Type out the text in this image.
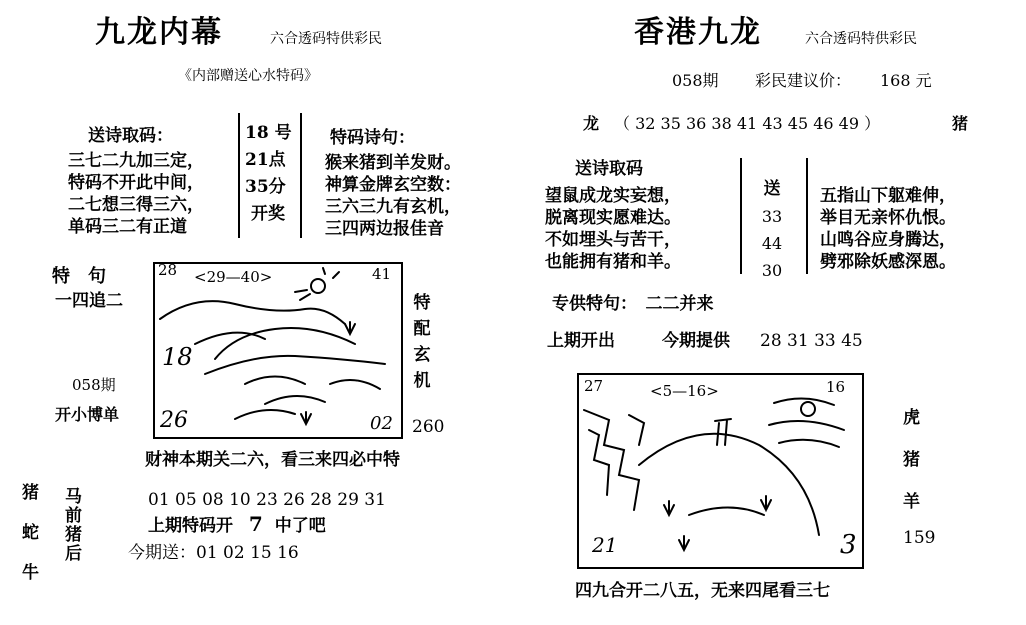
九龙内幕	六合透码特供彩民
《内部赠送心水特码》
送诗取码：
三七二九加三定，
特码不开此中间，
二七想三得三六，
单码三二有正道
18 号
21点
35分
开奖
特码诗句：
猴来猪到羊发财。
神算金牌玄空数：
三六三九有玄机，
三四两边报佳音
特　句
一四追二
058期
开小博单
28 <29—40>	41
18
26	02
特配玄机
260
财神本期关二六，看三来四必中特
猪
蛇
牛
马
前
猪
后
01 05 08 10 23 26 28 29 31
上期特码开 7 中了吧
今期送：01 02 15 16
香港九龙	六合透码特供彩民
058期 彩民建议价： 168 元
龙 （ 32 35 36 38 41 43 45 46 49 ）	猪
送诗取码
望鼠成龙实妄想，
脱离现实愿难达。
不如埋头与苦干，
也能拥有猪和羊。
送
33
44
30
五指山下躯难伸，
举目无亲怀仇恨。
山鸣谷应身腾达，
劈邪除妖感深恩。
专供特句：　二二并来
上期开出	今期提供 28 31 33 45
27	<5—16>	16
21	3
虎
猪
羊
159
四九合开二八五，无来四尾看三七
